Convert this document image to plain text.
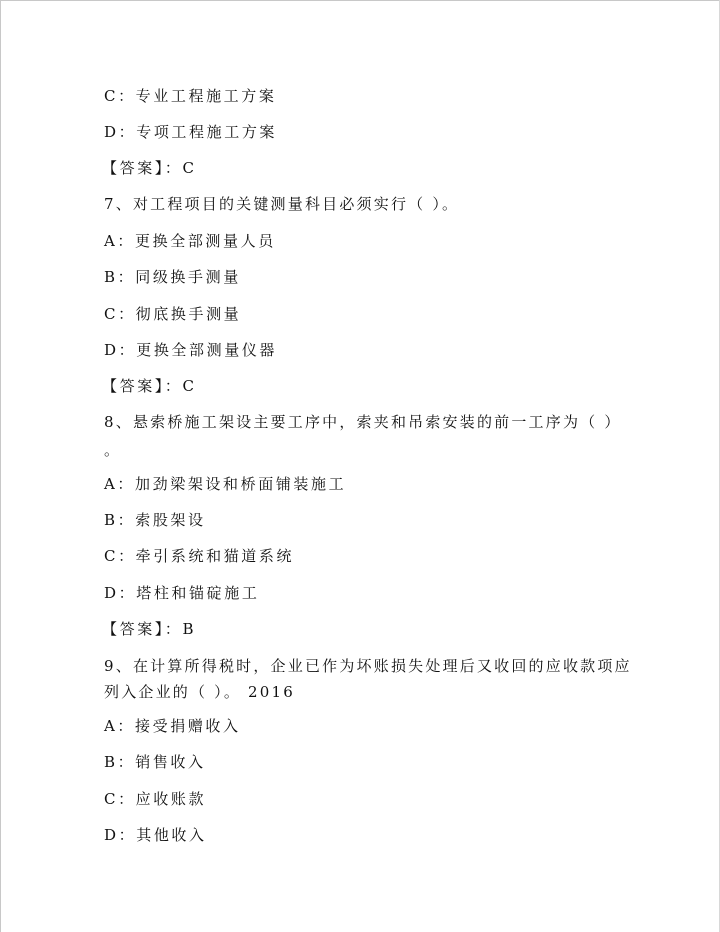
C：专业工程施工方案
D：专项工程施工方案
【答案】：C
7、对工程项目的关键测量科目必须实行（ ）。
A：更换全部测量人员
B：同级换手测量
C：彻底换手测量
D：更换全部测量仪器
【答案】：C
8、悬索桥施工架设主要工序中，索夹和吊索安装的前一工序为（ ）
。
A：加劲梁架设和桥面铺装施工
B：索股架设
C：牵引系统和猫道系统
D：塔柱和锚碇施工
【答案】：B
9、在计算所得税时，企业已作为坏账损失处理后又收回的应收款项应
列入企业的（ ）。 2016
A：接受捐赠收入
B：销售收入
C：应收账款
D：其他收入
